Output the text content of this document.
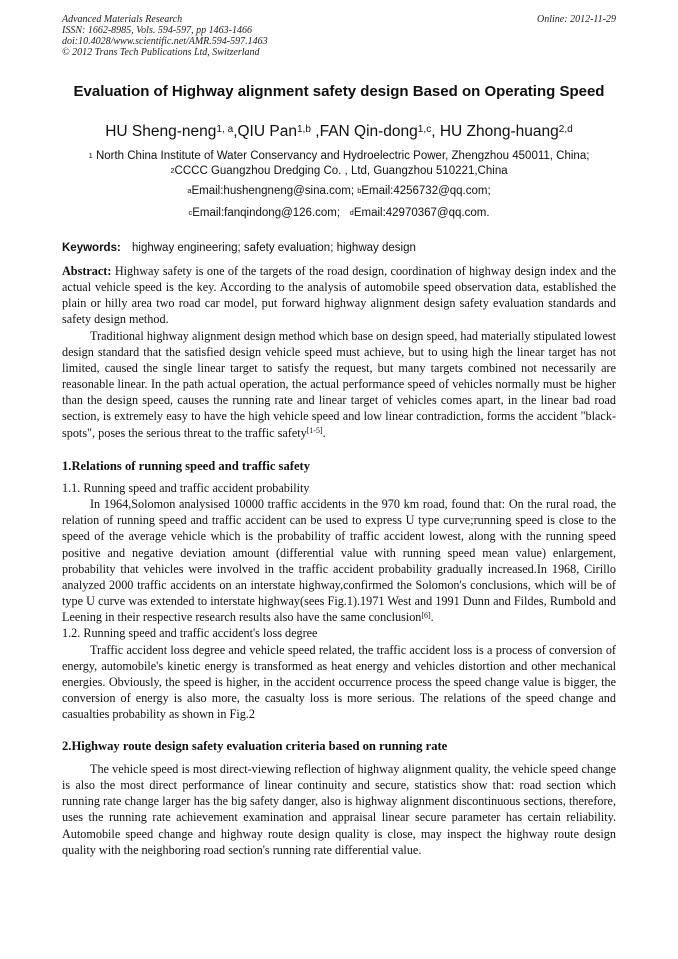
Advanced Materials Research
ISSN: 1662-8985, Vols. 594-597, pp 1463-1466
doi:10.4028/www.scientific.net/AMR.594-597.1463
© 2012 Trans Tech Publications Ltd, Switzerland
Online: 2012-11-29
Evaluation of Highway alignment safety design Based on Operating Speed
HU Sheng-neng$^{1, a}$,QIU Pan$^{1,b}$ ,FAN Qin-dong$^{1,c}$, HU Zhong-huang$^{2,d}$
$^1$ North China Institute of Water Conservancy and Hydroelectric Power, Zhengzhou 450011, China;
$^2$CCCC Guangzhou Dredging Co. , Ltd, Guangzhou 510221,China
$^a$Email:hushengneng@sina.com; $^b$Email:4256732@qq.com;
$^c$Email:fanqindong@126.com; $^d$Email:42970367@qq.com.
Keywords: highway engineering; safety evaluation; highway design

Abstract: Highway safety is one of the targets of the road design, coordination of highway design index and the actual vehicle speed is the key. According to the analysis of automobile speed observation data, established the plain or hilly area two road car model, put forward highway alignment design safety evaluation standards and safety design method.

Traditional highway alignment design method which base on design speed, had materially stipulated lowest design standard that the satisfied design vehicle speed must achieve, but to using high the linear target has not limited, caused the single linear target to satisfy the request, but many targets combined not necessarily are reasonable linear. In the path actual operation, the actual performance speed of vehicles normally must be higher than the design speed, causes the running rate and linear target of vehicles comes apart, in the linear bad road section, is extremely easy to have the high vehicle speed and low linear contradiction, forms the accident "black-spots", poses the serious threat to the traffic safety[1-5].

1.Relations of running speed and traffic safety

1.1. Running speed and traffic accident probability

In 1964,Solomon analysised 10000 traffic accidents in the 970 km road, found that: On the rural road, the relation of running speed and traffic accident can be used to express U type curve;running speed is close to the speed of the average vehicle which is the probability of traffic accident lowest, along with the running speed positive and negative deviation amount (differential value with running speed mean value) enlargement, probability that vehicles were involved in the traffic accident probability gradually increased.In 1968, Cirillo analyzed 2000 traffic accidents on an interstate highway,confirmed the Solomon's conclusions, which will be of type U curve was extended to interstate highway(sees Fig.1).1971 West and 1991 Dunn and Fildes, Rumbold and Leening in their respective research results also have the same conclusion[6].

1.2. Running speed and traffic accident's loss degree

Traffic accident loss degree and vehicle speed related, the traffic accident loss is a process of conversion of energy, automobile's kinetic energy is transformed as heat energy and vehicles distortion and other mechanical energies. Obviously, the speed is higher, in the accident occurrence process the speed change value is bigger, the conversion of energy is also more, the casualty loss is more serious. The relations of the speed change and casualties probability as shown in Fig.2

2.Highway route design safety evaluation criteria based on running rate

The vehicle speed is most direct-viewing reflection of highway alignment quality, the vehicle speed change is also the most direct performance of linear continuity and secure, statistics show that: road section which running rate change larger has the big safety danger, also is highway alignment discontinuous sections, therefore, uses the running rate achievement examination and appraisal linear secure parameter has certain reliability. Automobile speed change and highway route design quality is close, may inspect the highway route design quality with the neighboring road section's running rate differential value.
